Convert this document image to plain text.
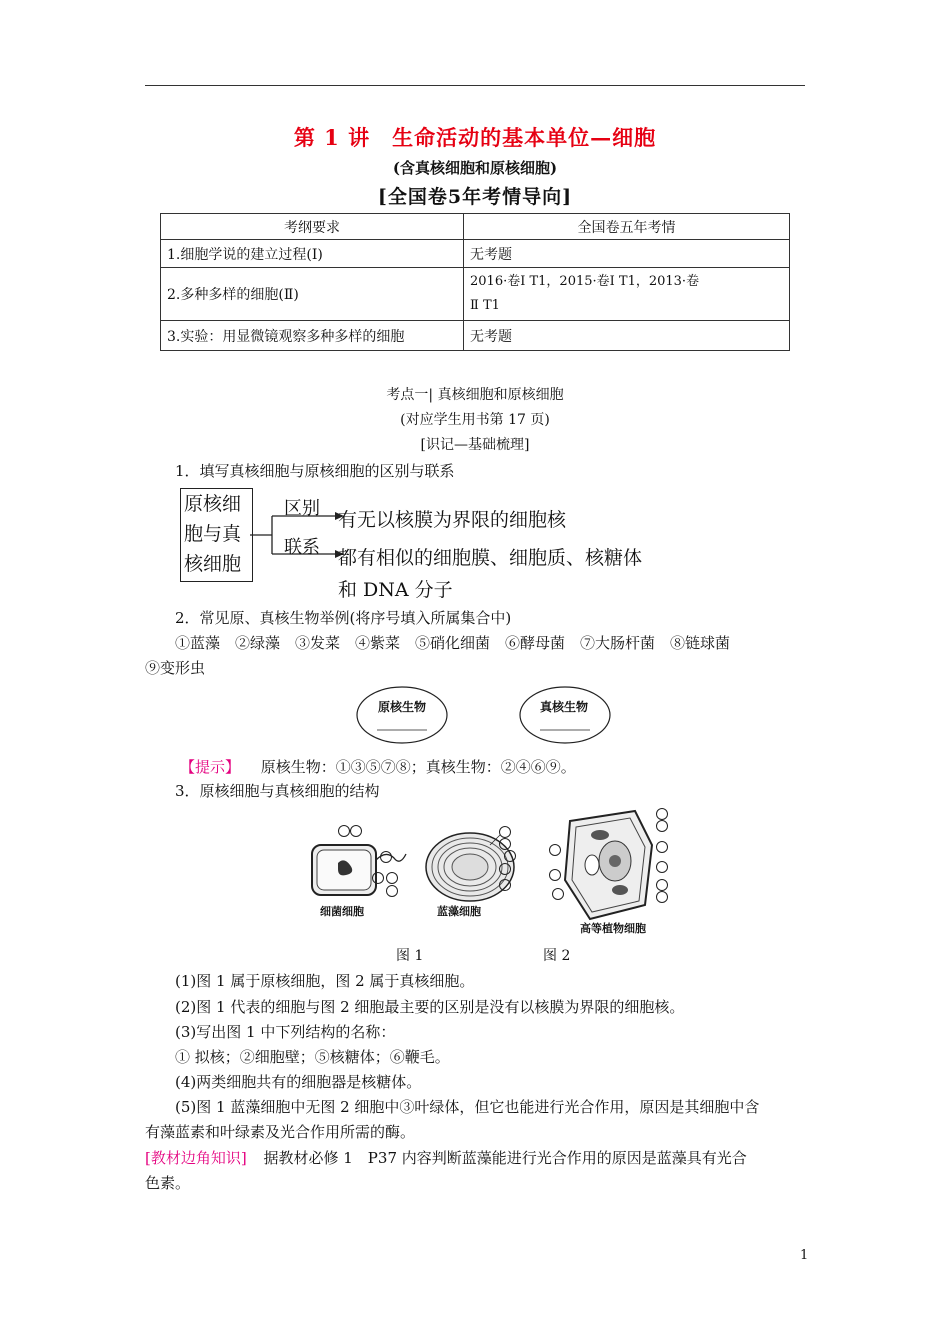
第 1 讲　生命活动的基本单位—细胞
(含真核细胞和原核细胞)
[全国卷5年考情导向]
考纲要求	全国卷五年考情
1.细胞学说的建立过程(Ⅰ)	无考题
2.多种多样的细胞(Ⅱ)	2016·卷Ⅰ T1，2015·卷Ⅰ T1，2013·卷
Ⅱ T1

3.实验：用显微镜观察多种多样的细胞	无考题
考点一| 真核细胞和原核细胞
(对应学生用书第 17 页)
[识记—基础梳理]
1．填写真核细胞与原核细胞的区别与联系
原核细
胞与真
核细胞
区别
联系
有无以核膜为界限的细胞核
都有相似的细胞膜、细胞质、核糖体
和 DNA 分子
2．常见原、真核生物举例(将序号填入所属集合中)
①蓝藻　②绿藻　③发菜　④紫菜　⑤硝化细菌　⑥酵母菌　⑦大肠杆菌　⑧链球菌
⑨变形虫
原核生物	真核生物
【提示】 原核生物：①③⑤⑦⑧；真核生物：②④⑥⑨。
3．原核细胞与真核细胞的结构
细菌细胞	蓝藻细胞
高等植物细胞
图 1	图 2
(1)图 1 属于原核细胞，图 2 属于真核细胞。
(2)图 1 代表的细胞与图 2 细胞最主要的区别是没有以核膜为界限的细胞核。
(3)写出图 1 中下列结构的名称：
① 拟核；②细胞壁；⑤核糖体；⑥鞭毛。
(4)两类细胞共有的细胞器是核糖体。
(5)图 1 蓝藻细胞中无图 2 细胞中③叶绿体，但它也能进行光合作用，原因是其细胞中含
有藻蓝素和叶绿素及光合作用所需的酶。
[教材边角知识] 据教材必修 1　P37 内容判断蓝藻能进行光合作用的原因是蓝藻具有光合
色素。
1
